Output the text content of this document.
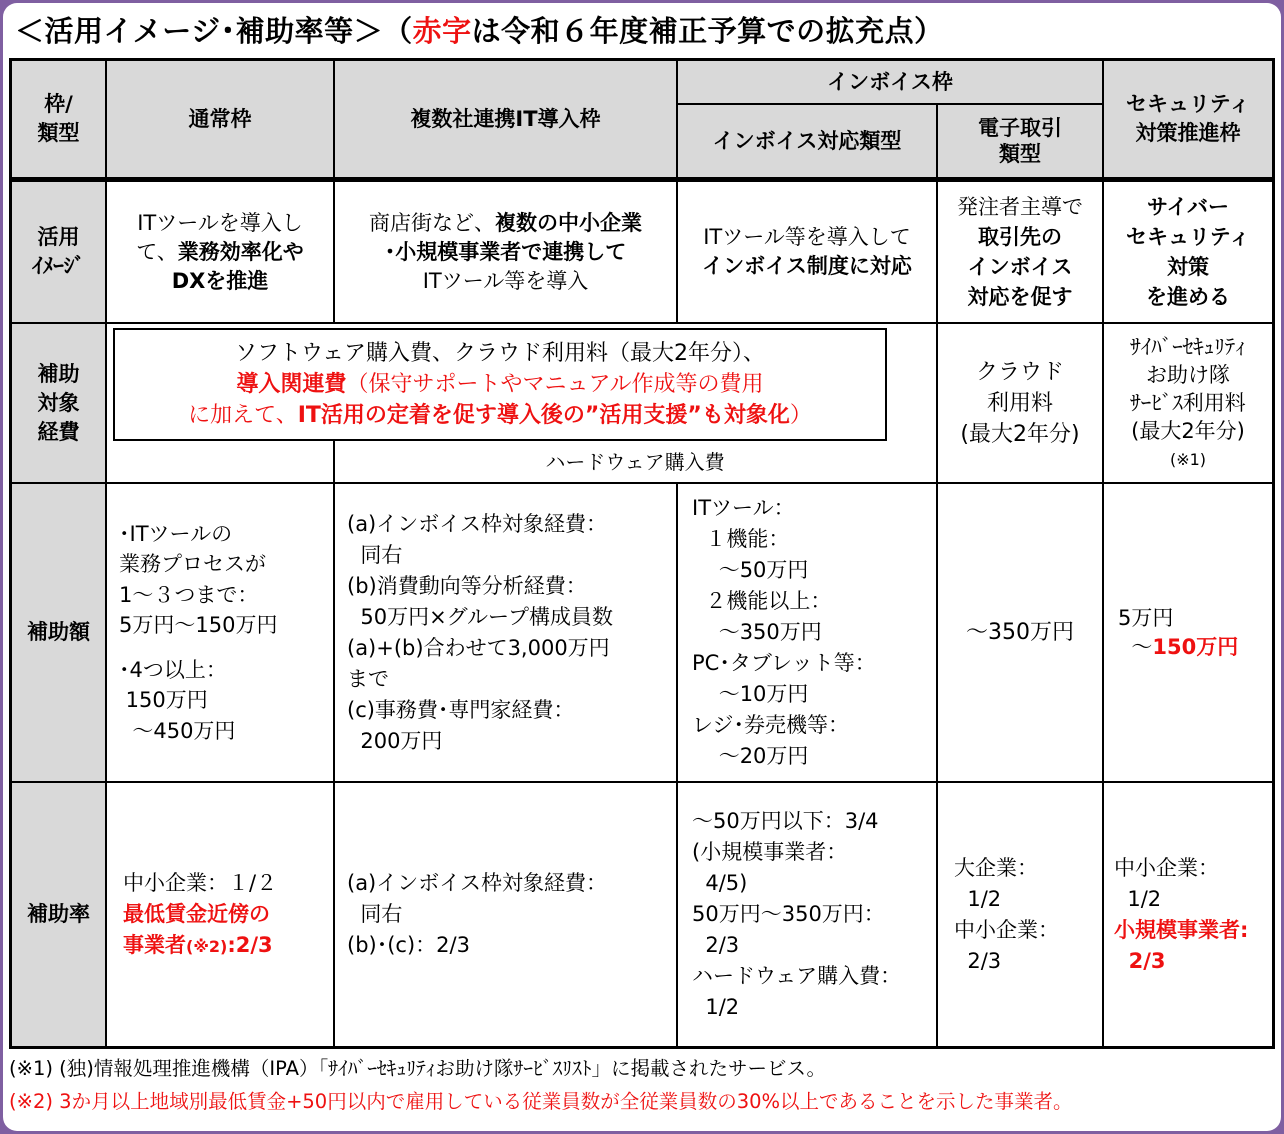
＜活用イメージ･補助率等＞（赤字は令和６年度補正予算での拡充点）
枠/
類型
通常枠	複数社連携IT導入枠
インボイス枠
インボイス対応類型
電子取引
類型
セキュリティ
対策推進枠
活用
ｲﾒｰｼﾞ
補助
対象
経費
補助額
補助率
ITツールを導入し
て、業務効率化や
DXを推進
商店街など、複数の中小企業
･小規模事業者で連携して
ITツール等を導入
ITツール等を導入して
インボイス制度に対応
発注者主導で
取引先の
インボイス
対応を促す
サイバー
セキュリティ
対策
を進める
ソフトウェア購入費、クラウド利用料（最大2年分）、
導入関連費（保守サポートやマニュアル作成等の費用
に加えて、IT活用の定着を促す導入後の”活用支援”も対象化）
ハードウェア購入費
クラウド
利用料
(最大2年分)
ｻｲﾊﾞｰｾｷｭﾘﾃｨ
お助け隊
ｻｰﾋﾞｽ利用料
(最大2年分)
(※1)
･ITツールの
業務プロセスが
1～３つまで：
5万円～150万円

･4つ以上：
150万円
～450万円
(a)インボイス枠対象経費：
同右
(b)消費動向等分析経費：
50万円×グループ構成員数
(a)+(b)合わせて3,000万円
まで
(c)事務費･専門家経費：
200万円
ITツール：
１機能：
～50万円
２機能以上：
～350万円
PC･タブレット等：
～10万円
レジ･券売機等：
～20万円
～350万円
5万円
～150万円
中小企業：１/２
最低賃金近傍の
事業者(※2):2/3
(a)インボイス枠対象経費：
同右
(b)･(c)：2/3
～50万円以下：3/4
(小規模事業者：
4/5)
50万円～350万円：
2/3
ハードウェア購入費：
1/2
大企業：
1/2
中小企業：
2/3
中小企業：
1/2
小規模事業者:
2/3
(※1) (独)情報処理推進機構（IPA）「ｻｲﾊﾞｰｾｷｭﾘﾃｨお助け隊ｻｰﾋﾞｽﾘｽﾄ」に掲載されたサービス。
(※2) 3か月以上地域別最低賃金+50円以内で雇用している従業員数が全従業員数の30%以上であることを示した事業者。
